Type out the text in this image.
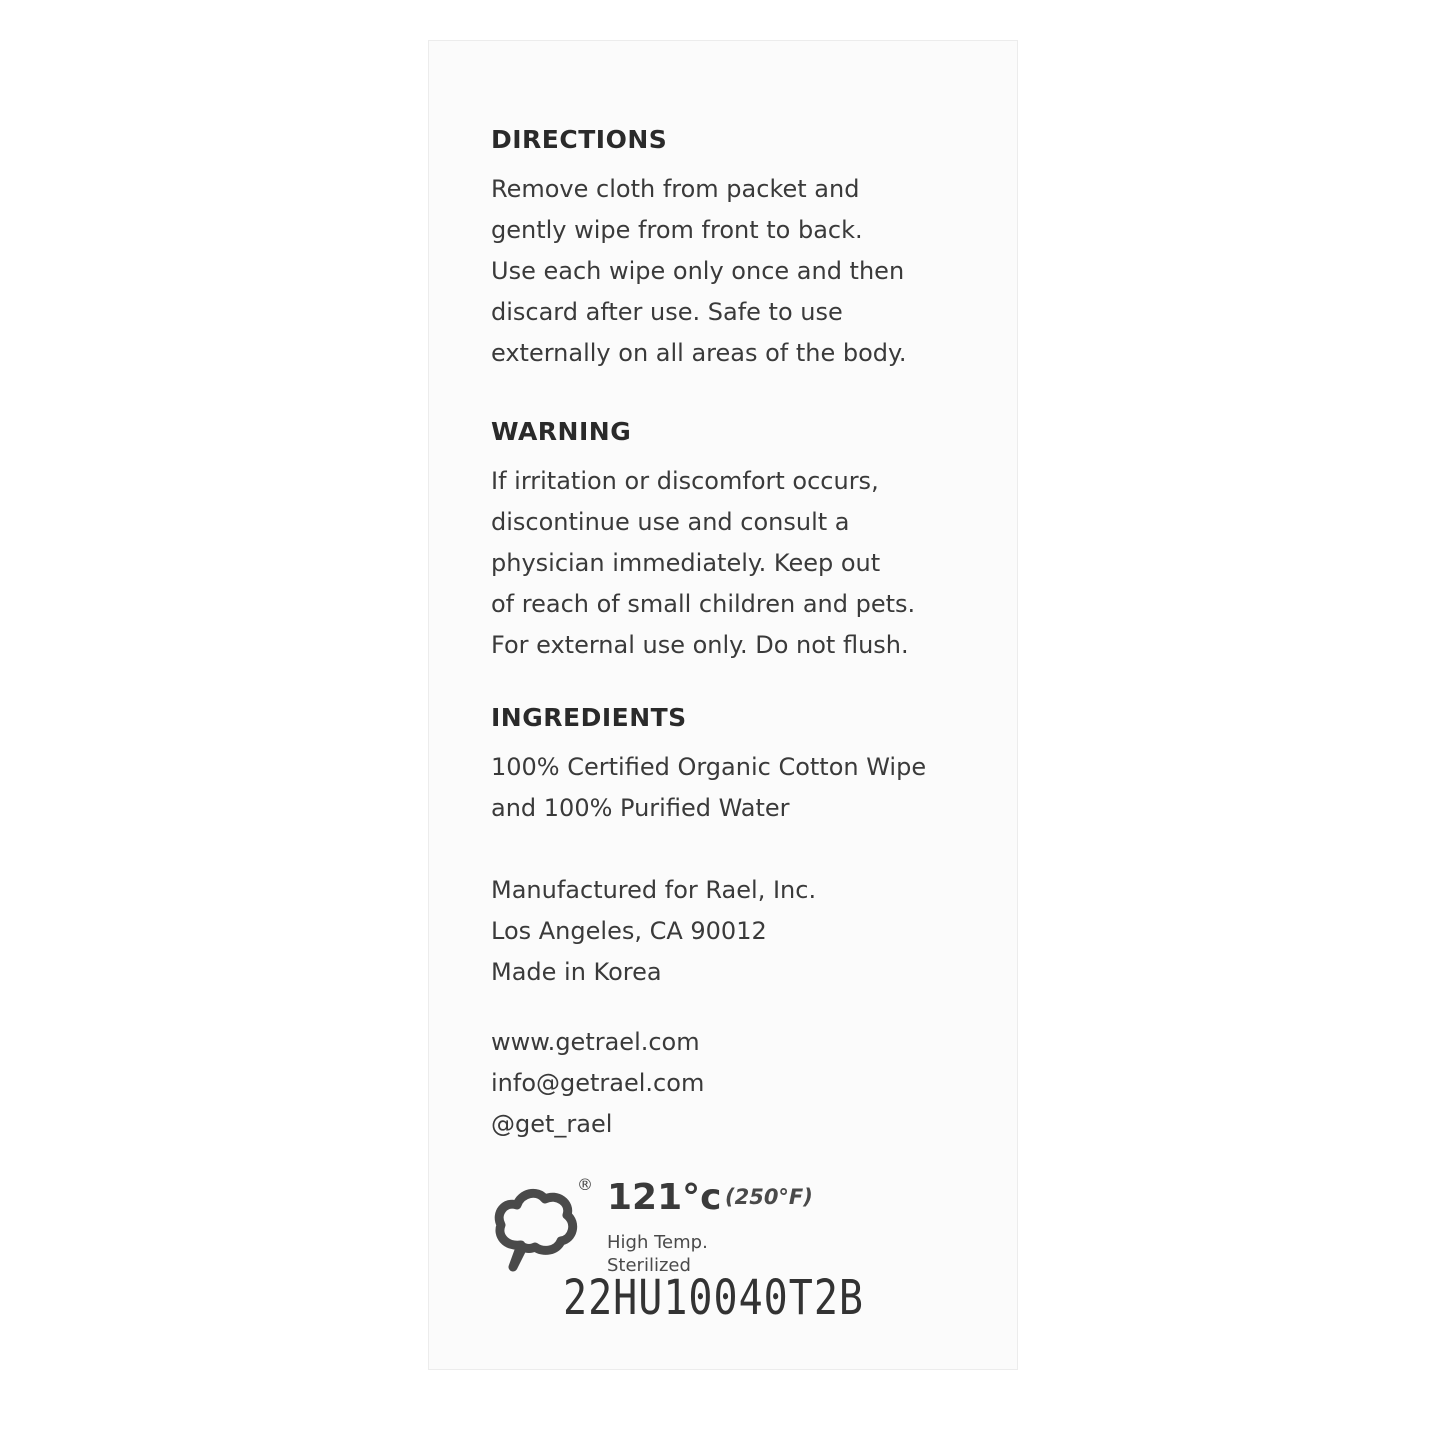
DIRECTIONS
Remove cloth from packet and
gently wipe from front to back.
Use each wipe only once and then
discard after use. Safe to use
externally on all areas of the body.
WARNING
If irritation or discomfort occurs,
discontinue use and consult a
physician immediately. Keep out
of reach of small children and pets.
For external use only. Do not flush.
INGREDIENTS
100% Certified Organic Cotton Wipe
and 100% Purified Water
Manufactured for Rael, Inc.
Los Angeles, CA 90012
Made in Korea
www.getrael.com
info@getrael.com
@get_rael
® 121°c (250°F)
High Temp.
Sterilized
22HU10040T2B
